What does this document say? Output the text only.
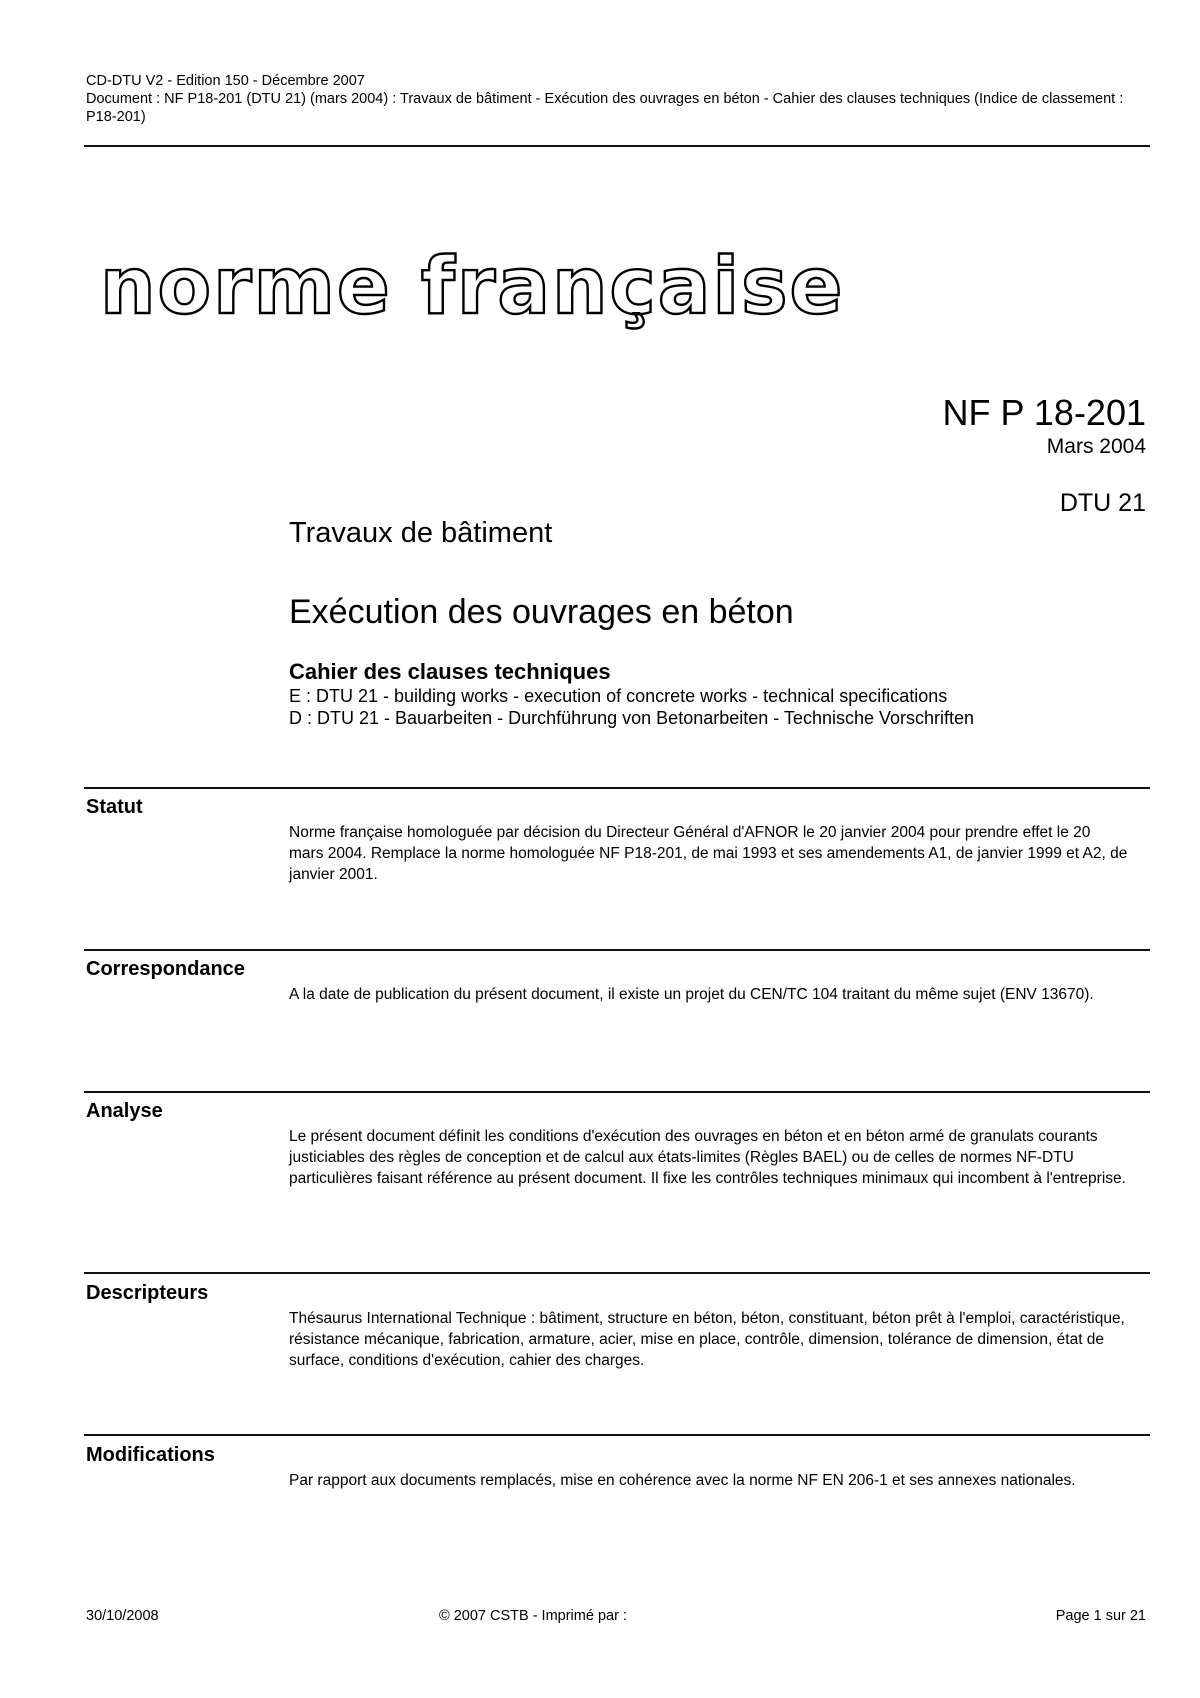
CD-DTU V2 - Edition 150 - Décembre 2007
Document : NF P18-201 (DTU 21) (mars 2004) : Travaux de bâtiment - Exécution des ouvrages en béton - Cahier des clauses techniques (Indice de classement : P18-201)
norme française
NF P 18-201
Mars 2004
DTU 21
Travaux de bâtiment
Exécution des ouvrages en béton
Cahier des clauses techniques
E : DTU 21 - building works - execution of concrete works - technical specifications
D : DTU 21 - Bauarbeiten - Durchführung von Betonarbeiten - Technische Vorschriften
Statut
Norme française homologuée par décision du Directeur Général d'AFNOR le 20 janvier 2004 pour prendre effet le 20 mars 2004. Remplace la norme homologuée NF P18-201, de mai 1993 et ses amendements A1, de janvier 1999 et A2, de janvier 2001.
Correspondance
A la date de publication du présent document, il existe un projet du CEN/TC 104 traitant du même sujet (ENV 13670).
Analyse
Le présent document définit les conditions d'exécution des ouvrages en béton et en béton armé de granulats courants justiciables des règles de conception et de calcul aux états-limites (Règles BAEL) ou de celles de normes NF-DTU particulières faisant référence au présent document. Il fixe les contrôles techniques minimaux qui incombent à l'entreprise.
Descripteurs
Thésaurus International Technique : bâtiment, structure en béton, béton, constituant, béton prêt à l'emploi, caractéristique, résistance mécanique, fabrication, armature, acier, mise en place, contrôle, dimension, tolérance de dimension, état de surface, conditions d'exécution, cahier des charges.
Modifications
Par rapport aux documents remplacés, mise en cohérence avec la norme NF EN 206-1 et ses annexes nationales.
30/10/2008	© 2007 CSTB - Imprimé par :	Page 1 sur 21
